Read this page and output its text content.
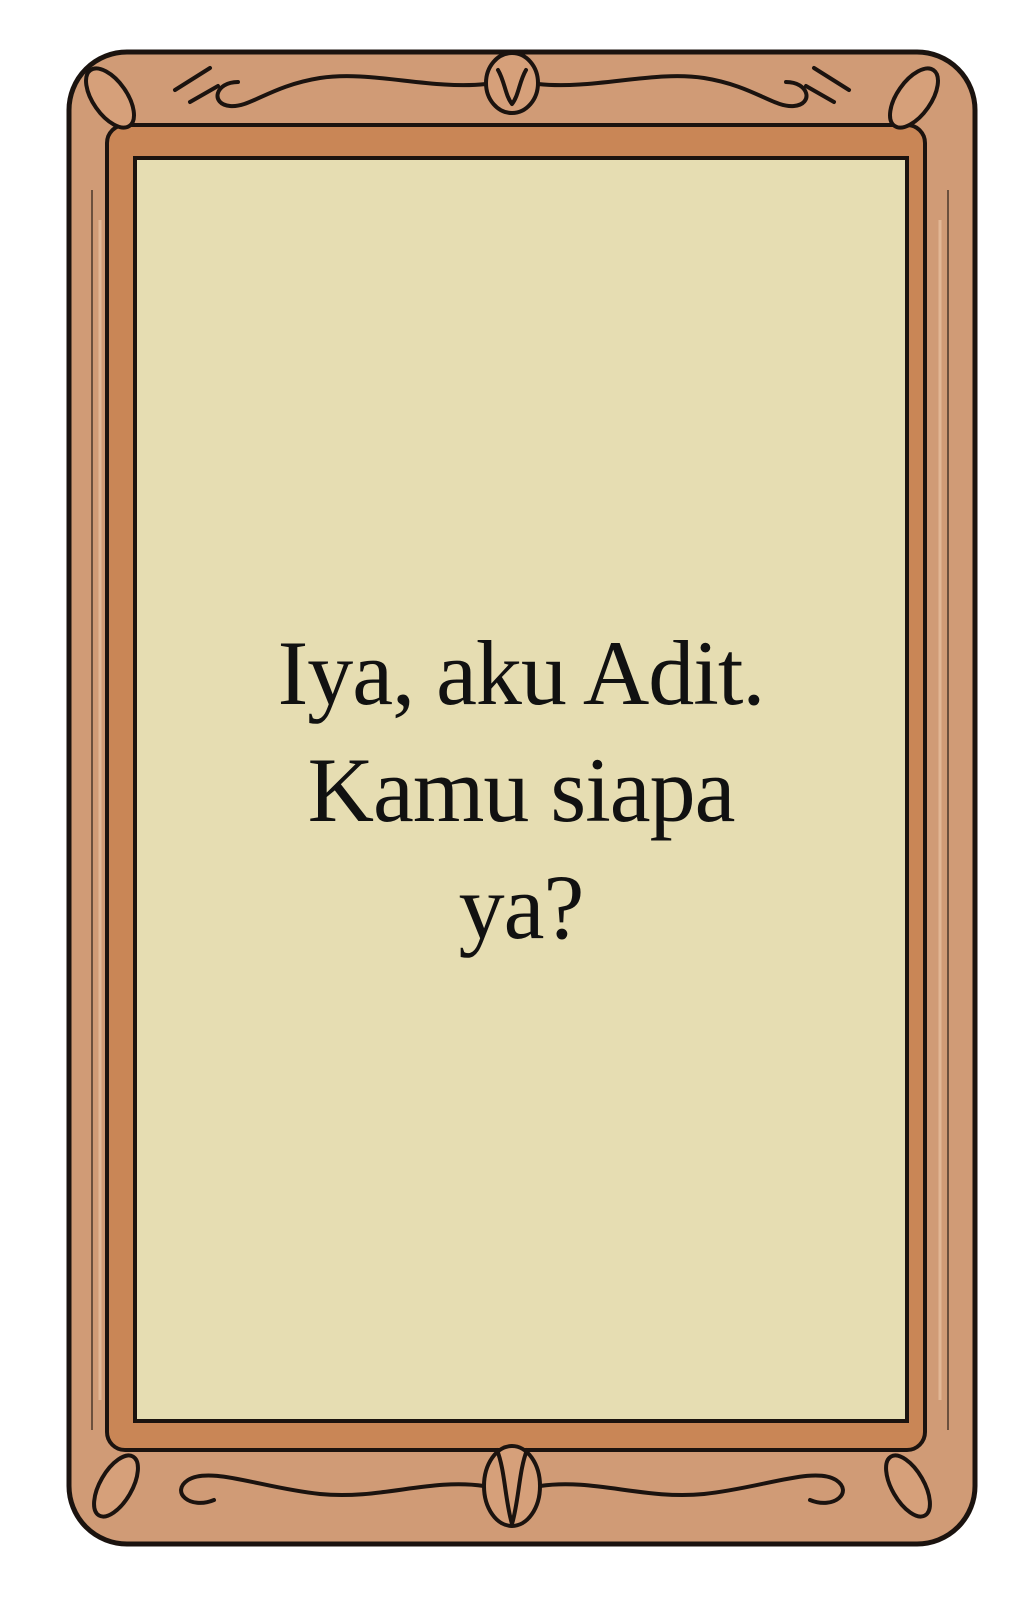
Iya, aku Adit.
Kamu siapa
ya?
